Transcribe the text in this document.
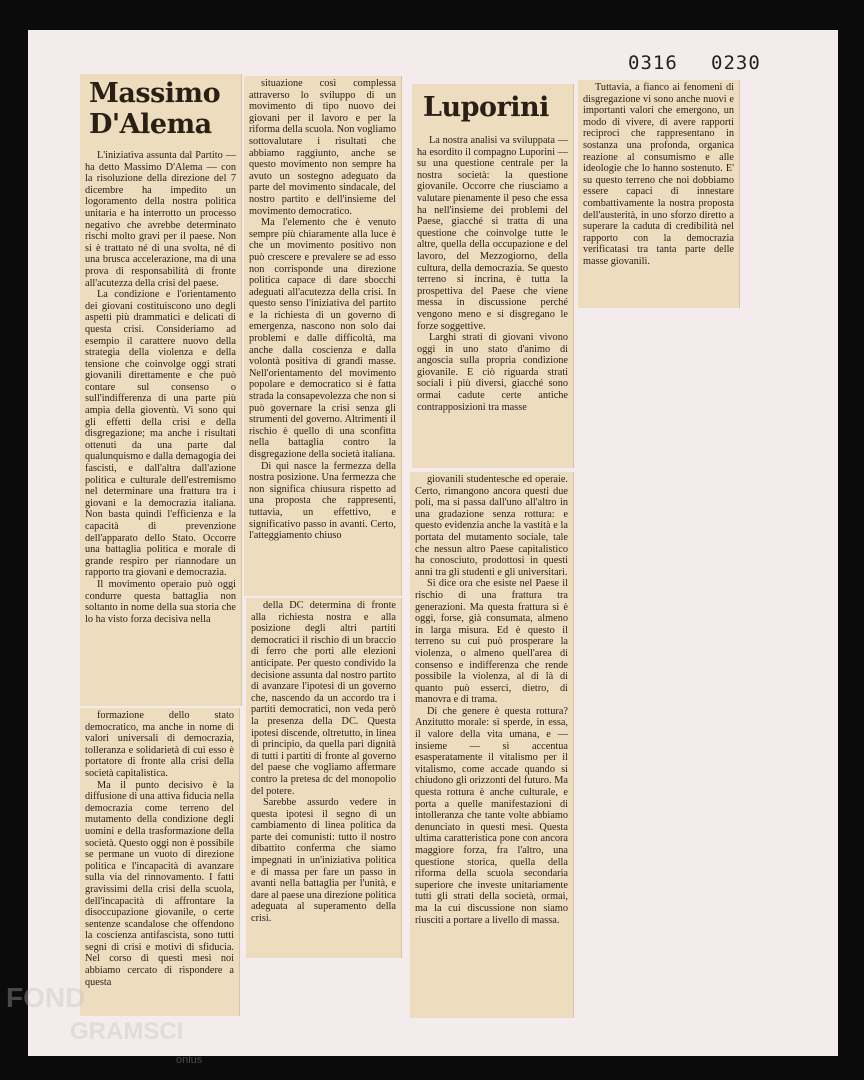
0316 0230
Massimo D'Alema

L'iniziativa assunta dal Partito — ha detto Massimo D'Alema — con la risoluzione della direzione del 7 dicembre ha impedito un logoramento della nostra politica unitaria e ha interrotto un processo negativo che avrebbe determinato rischi molto gravi per il paese. Non si è trattato né di una svolta, né di una brusca accelerazione, ma di una prova di responsabilità di fronte all'acutezza della crisi del paese.

La condizione e l'orientamento dei giovani costituiscono uno degli aspetti più drammatici e delicati di questa crisi. Consideriamo ad esempio il carattere nuovo della strategia della violenza e della tensione che coinvolge oggi strati giovanili direttamente e che può contare sul consenso o sull'indifferenza di una parte più ampia della gioventù. Vi sono qui gli effetti della crisi e della disgregazione; ma anche i risultati ottenuti da una parte dal qualunquismo e dalla demagogia dei fascisti, e dall'altra dall'azione politica e culturale dell'estremismo nel determinare una frattura tra i giovani e la democrazia italiana. Non basta quindi l'efficienza e la capacità di prevenzione dell'apparato dello Stato. Occorre una battaglia politica e morale di grande respiro per riannodare un rapporto tra giovani e democrazia.

Il movimento operaio può oggi condurre questa battaglia non soltanto in nome della sua storia che lo ha visto forza decisiva nella

formazione dello stato democratico, ma anche in nome di valori universali di democrazia, tolleranza e solidarietà di cui esso è portatore di fronte alla crisi della società capitalistica.

Ma il punto decisivo è la diffusione di una attiva fiducia nella democrazia come terreno del mutamento della condizione degli uomini e della trasformazione della società. Questo oggi non è possibile se permane un vuoto di direzione politica e l'incapacità di avanzare sulla via del rinnovamento. I fatti gravissimi della crisi della scuola, dell'incapacità di affrontare la disoccupazione giovanile, o certe sentenze scandalose che offendono la coscienza antifascista, sono tutti segni di crisi e motivi di sfiducia. Nel corso di questi mesi noi abbiamo cercato di rispondere a questa

situazione così complessa attraverso lo sviluppo di un movimento di tipo nuovo dei giovani per il lavoro e per la riforma della scuola. Non vogliamo sottovalutare i risultati che abbiamo raggiunto, anche se questo movimento non sempre ha avuto un sostegno adeguato da parte del movimento sindacale, del nostro partito e dell'insieme del movimento democratico.

Ma l'elemento che è venuto sempre più chiaramente alla luce è che un movimento positivo non può crescere e prevalere se ad esso non corrisponde una direzione politica capace di dare sbocchi adeguati all'acutezza della crisi. In questo senso l'iniziativa del partito e la richiesta di un governo di emergenza, nascono non solo dai problemi e dalle difficoltà, ma anche dalla coscienza e dalla volontà positiva di grandi masse. Nell'orientamento del movimento popolare e democratico si è fatta strada la consapevolezza che non si può governare la crisi senza gli strumenti del governo. Altrimenti il rischio è quello di una sconfitta nella battaglia contro la disgregazione della società italiana.

Di qui nasce la fermezza della nostra posizione. Una fermezza che non significa chiusura rispetto ad una proposta che rappresenti, tuttavia, un effettivo, e significativo passo in avanti. Certo, l'atteggiamento chiuso

della DC determina di fronte alla richiesta nostra e alla posizione degli altri partiti democratici il rischio di un braccio di ferro che porti alle elezioni anticipate. Per questo condivido la decisione assunta dal nostro partito di avanzare l'ipotesi di un governo che, nascendo da un accordo tra i partiti democratici, non veda però la presenza della DC. Questa ipotesi discende, oltretutto, in linea di principio, da quella pari dignità di tutti i partiti di fronte al governo del paese che vogliamo affermare contro la pretesa dc del monopolio del potere.

Sarebbe assurdo vedere in questa ipotesi il segno di un cambiamento di linea politica da parte dei comunisti: tutto il nostro dibattito conferma che siamo impegnati in un'iniziativa politica e di massa per fare un passo in avanti nella battaglia per l'unità, e dare al paese una direzione politica adeguata al superamento della crisi.

Luporini

La nostra analisi va sviluppata — ha esordito il compagno Luporini — su una questione centrale per la nostra società: la questione giovanile. Occorre che riusciamo a valutare pienamente il peso che essa ha nell'insieme dei problemi del Paese, giacché si tratta di una questione che coinvolge tutte le altre, quella della occupazione e del lavoro, del Mezzogiorno, della cultura, della democrazia. Se questo terreno si incrina, è tutta la prospettiva del Paese che viene messa in discussione perché vengono meno e si disgregano le forze soggettive.

Larghi strati di giovani vivono oggi in uno stato d'animo di angoscia sulla propria condizione giovanile. E ciò riguarda strati sociali i più diversi, giacché sono ormai cadute certe antiche contrapposizioni tra masse

giovanili studentesche ed operaie. Certo, rimangono ancora questi due poli, ma si passa dall'uno all'altro in una gradazione senza rottura: e questo evidenzia anche la vastità e la portata del mutamento sociale, tale che nessun altro Paese capitalistico ha conosciuto, prodottosi in questi anni tra gli studenti e gli universitari.

Si dice ora che esiste nel Paese il rischio di una frattura tra generazioni. Ma questa frattura si è oggi, forse, già consumata, almeno in larga misura. Ed è questo il terreno su cui può prosperare la violenza, o almeno quell'area di consenso e indifferenza che rende possibile la violenza, al di là di quanto può esserci, dietro, di manovra e di trama.

Di che genere è questa rottura? Anzitutto morale: si sperde, in essa, il valore della vita umana, e — insieme — si accentua esasperatamente il vitalismo per il vitalismo, come accade quando si chiudono gli orizzonti del futuro. Ma questa rottura è anche culturale, e porta a quelle manifestazioni di intolleranza che tante volte abbiamo denunciato in questi mesi. Questa ultima caratteristica pone con ancora maggiore forza, fra l'altro, una questione storica, quella della riforma della scuola secondaria superiore che investe unitariamente tutti gli strati della società, ormai, ma la cui discussione non siamo riusciti a portare a livello di massa.

Tuttavia, a fianco ai fenomeni di disgregazione vi sono anche nuovi e importanti valori che emergono, un modo di vivere, di avere rapporti reciproci che rappresentano in sostanza una profonda, organica reazione al consumismo e alle ideologie che lo hanno sostenuto. E' su questo terreno che noi dobbiamo essere capaci di innestare combattivamente la nostra proposta dell'austerità, in uno sforzo diretto a superare la caduta di credibilità nel rapporto con la democrazia verificatasi tra tanta parte delle masse giovanili.

FOND
GRAMSCI
onlus
